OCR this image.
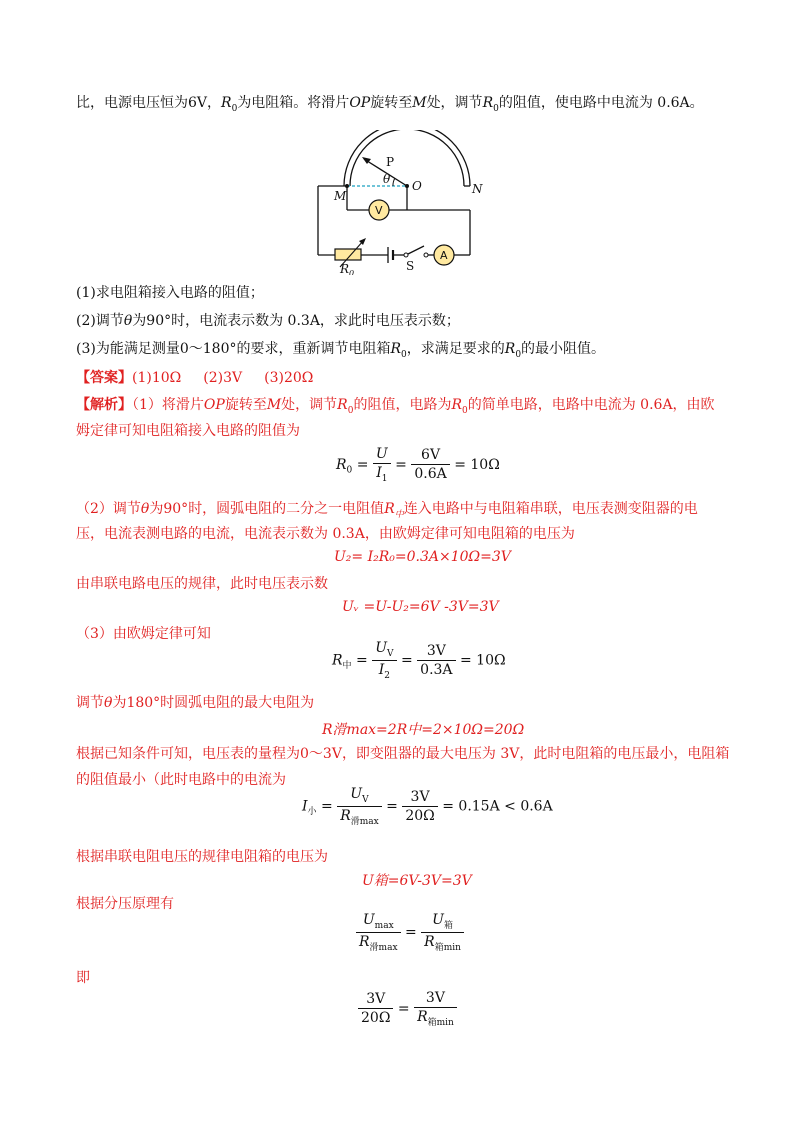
比，电源电压恒为6V，$R_0$为电阻箱。将滑片OP旋转至M处，调节$R_0$的阻值，使电路中电流为 0.6A。
P
θ O
M	N
V
A
S
$R_0$
(1)求电阻箱接入电路的阻值；
(2)调节θ为90°时，电流表示数为 0.3A，求此时电压表示数；
(3)为能满足测量0～180°的要求，重新调节电阻箱$R_0$，求满足要求的$R_0$的最小阻值。
【答案】(1)10Ω (2)3V (3)20Ω
【解析】（1）将滑片OP旋转至M处，调节$R_0$的阻值，电路为$R_0$的简单电路，电路中电流为 0.6A，由欧
姆定律可知电阻箱接入电路的阻值为
$R_0 = \frac{U}{I_1} = \frac{6V}{0.6A} = 10\Omega$
（2）调节θ为90°时，圆弧电阻的二分之一电阻值$R_中$连入电路中与电阻箱串联，电压表测变阻器的电
压，电流表测电路的电流，电流表示数为 0.3A，由欧姆定律可知电阻箱的电压为
U₂= I₂R₀=0.3A×10Ω=3V
由串联电路电压的规律，此时电压表示数
Uᵥ =U-U₂=6V -3V=3V
（3）由欧姆定律可知
$R_中 = \frac{U_V}{I_2} = \frac{3V}{0.3A} = 10\Omega$
调节θ为180°时圆弧电阻的最大电阻为
R滑max=2R中=2×10Ω=20Ω
根据已知条件可知，电压表的量程为0～3V，即变阻器的最大电压为 3V，此时电阻箱的电压最小，电阻箱
的阻值最小（此时电路中的电流为
$I_小 = \frac{U_V}{R_{滑max}} = \frac{3V}{20\Omega} = 0.15A < 0.6A$
根据串联电阻电压的规律电阻箱的电压为
U箱=6V-3V=3V
根据分压原理有
$\frac{U_{max}}{R_{滑max}} = \frac{U_箱}{R_{箱min}}$
即
$\frac{3V}{20\Omega} = \frac{3V}{R_{箱min}}$
